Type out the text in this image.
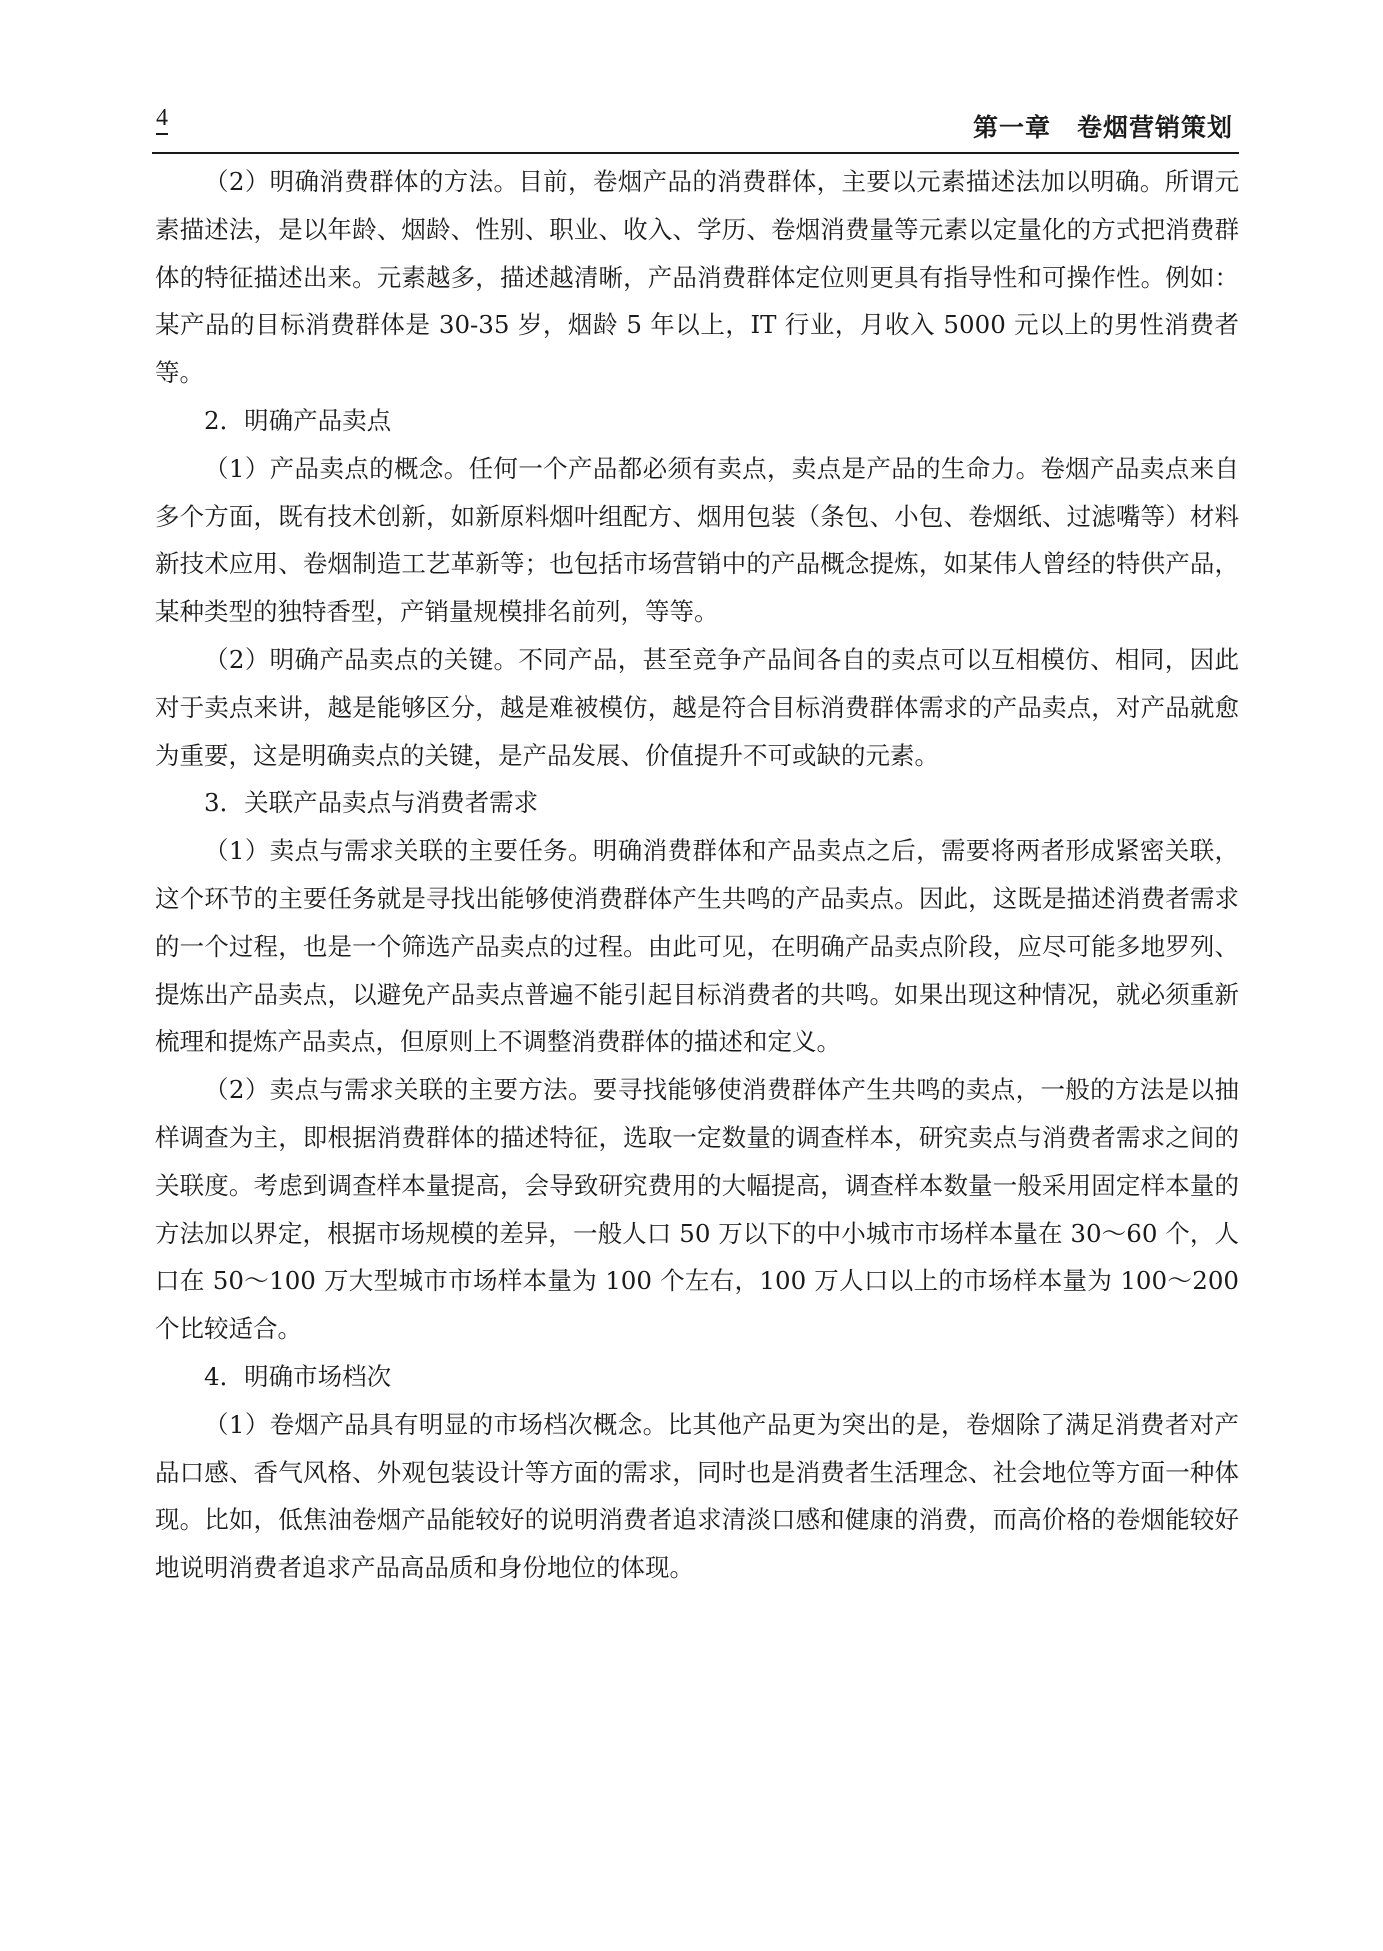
4	第一章　卷烟营销策划

（2）明确消费群体的方法。目前，卷烟产品的消费群体，主要以元素描述法加以明确。所谓元素描述法，是以年龄、烟龄、性别、职业、收入、学历、卷烟消费量等元素以定量化的方式把消费群体的特征描述出来。元素越多，描述越清晰，产品消费群体定位则更具有指导性和可操作性。例如：某产品的目标消费群体是 30-35 岁，烟龄 5 年以上，IT 行业，月收入 5000 元以上的男性消费者等。

2．明确产品卖点

（1）产品卖点的概念。任何一个产品都必须有卖点，卖点是产品的生命力。卷烟产品卖点来自多个方面，既有技术创新，如新原料烟叶组配方、烟用包装（条包、小包、卷烟纸、过滤嘴等）材料新技术应用、卷烟制造工艺革新等；也包括市场营销中的产品概念提炼，如某伟人曾经的特供产品，某种类型的独特香型，产销量规模排名前列，等等。

（2）明确产品卖点的关键。不同产品，甚至竞争产品间各自的卖点可以互相模仿、相同，因此对于卖点来讲，越是能够区分，越是难被模仿，越是符合目标消费群体需求的产品卖点，对产品就愈为重要，这是明确卖点的关键，是产品发展、价值提升不可或缺的元素。

3．关联产品卖点与消费者需求

（1）卖点与需求关联的主要任务。明确消费群体和产品卖点之后，需要将两者形成紧密关联，这个环节的主要任务就是寻找出能够使消费群体产生共鸣的产品卖点。因此，这既是描述消费者需求的一个过程，也是一个筛选产品卖点的过程。由此可见，在明确产品卖点阶段，应尽可能多地罗列、提炼出产品卖点，以避免产品卖点普遍不能引起目标消费者的共鸣。如果出现这种情况，就必须重新梳理和提炼产品卖点，但原则上不调整消费群体的描述和定义。

（2）卖点与需求关联的主要方法。要寻找能够使消费群体产生共鸣的卖点，一般的方法是以抽样调查为主，即根据消费群体的描述特征，选取一定数量的调查样本，研究卖点与消费者需求之间的关联度。考虑到调查样本量提高，会导致研究费用的大幅提高，调查样本数量一般采用固定样本量的方法加以界定，根据市场规模的差异，一般人口 50 万以下的中小城市市场样本量在 30～60 个，人口在 50～100 万大型城市市场样本量为 100 个左右，100 万人口以上的市场样本量为 100～200 个比较适合。

4．明确市场档次

（1）卷烟产品具有明显的市场档次概念。比其他产品更为突出的是，卷烟除了满足消费者对产品口感、香气风格、外观包装设计等方面的需求，同时也是消费者生活理念、社会地位等方面一种体现。比如，低焦油卷烟产品能较好的说明消费者追求清淡口感和健康的消费，而高价格的卷烟能较好地说明消费者追求产品高品质和身份地位的体现。
